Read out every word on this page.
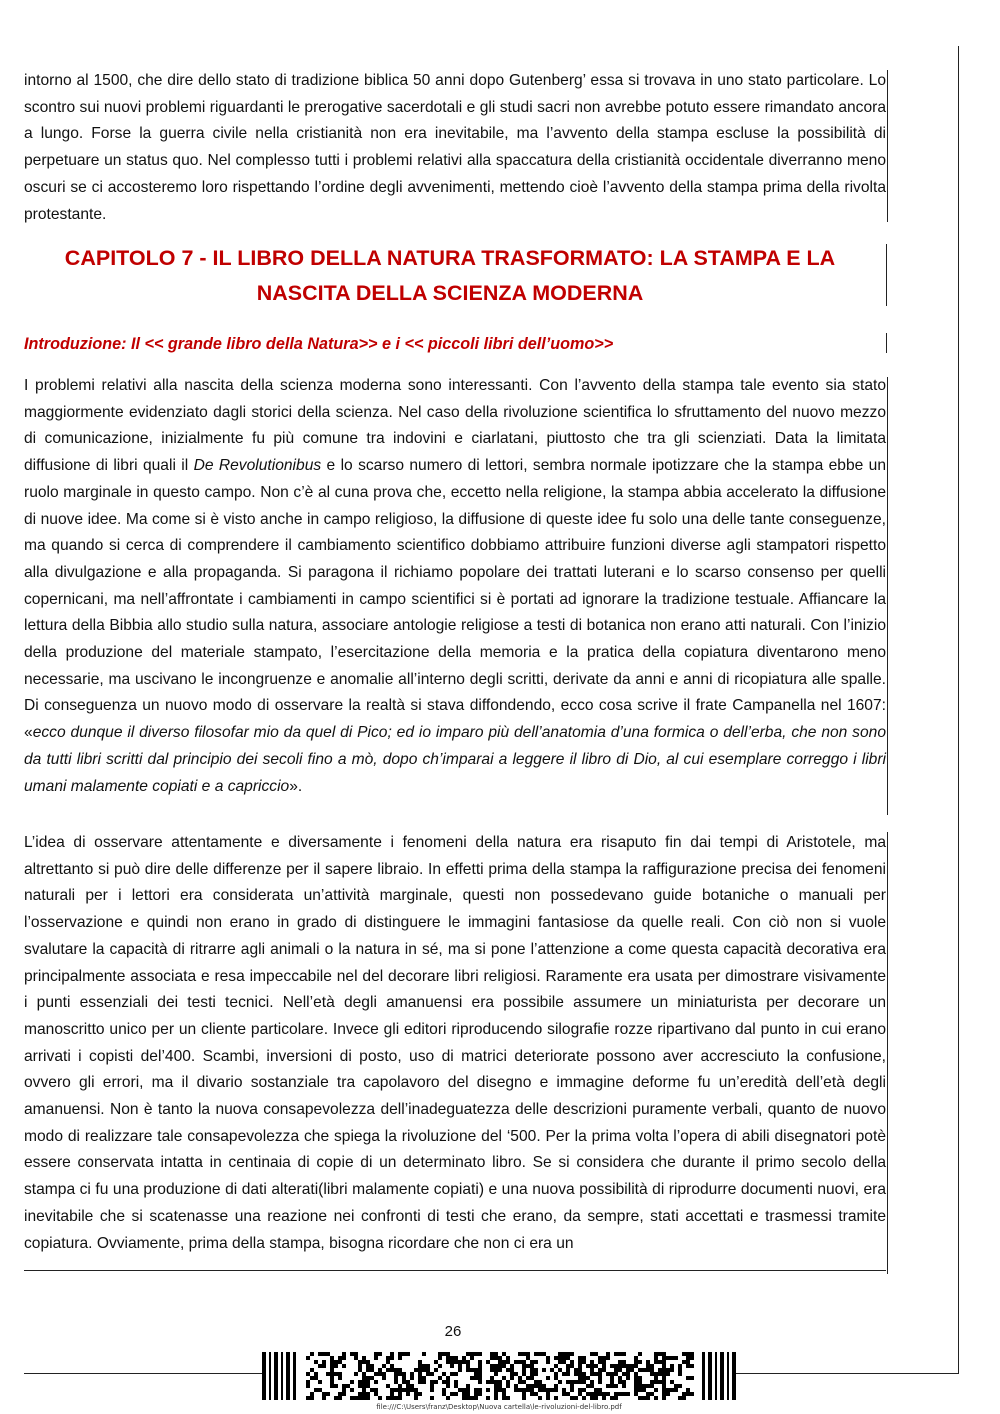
intorno al 1500, che dire dello stato di tradizione biblica 50 anni dopo Gutenberg’ essa si trovava in uno stato particolare. Lo scontro sui nuovi problemi riguardanti le prerogative sacerdotali e gli studi sacri non avrebbe potuto essere rimandato ancora a lungo. Forse la guerra civile nella cristianità non era inevitabile, ma l’avvento della stampa escluse la possibilità di perpetuare un status quo. Nel complesso tutti i problemi relativi alla spaccatura della cristianità occidentale diverranno meno oscuri se ci accosteremo loro rispettando l’ordine degli avvenimenti, mettendo cioè l’avvento della stampa prima della rivolta protestante.

CAPITOLO 7 - IL LIBRO DELLA NATURA TRASFORMATO: LA STAMPA E LA NASCITA DELLA SCIENZA MODERNA
Introduzione: Il << grande libro della Natura>> e i << piccoli libri dell’uomo>>

I problemi relativi alla nascita della scienza moderna sono interessanti. Con l’avvento della stampa tale evento sia stato maggiormente evidenziato dagli storici della scienza. Nel caso della rivoluzione scientifica lo sfruttamento del nuovo mezzo di comunicazione, inizialmente fu più comune tra indovini e ciarlatani, piuttosto che tra gli scienziati. Data la limitata diffusione di libri quali il De Revolutionibus e lo scarso numero di lettori, sembra normale ipotizzare che la stampa ebbe un ruolo marginale in questo campo. Non c’è al cuna prova che, eccetto nella religione, la stampa abbia accelerato la diffusione di nuove idee. Ma come si è visto anche in campo religioso, la diffusione di queste idee fu solo una delle tante conseguenze, ma quando si cerca di comprendere il cambiamento scientifico dobbiamo attribuire funzioni diverse agli stampatori rispetto alla divulgazione e alla propaganda. Si paragona il richiamo popolare dei trattati luterani e lo scarso consenso per quelli copernicani, ma nell’affrontate i cambiamenti in campo scientifici si è portati ad ignorare la tradizione testuale. Affiancare la lettura della Bibbia allo studio sulla natura, associare antologie religiose a testi di botanica non erano atti naturali. Con l’inizio della produzione del materiale stampato, l’esercitazione della memoria e la pratica della copiatura diventarono meno necessarie, ma uscivano le incongruenze e anomalie all’interno degli scritti, derivate da anni e anni di ricopiatura alle spalle. Di conseguenza un nuovo modo di osservare la realtà si stava diffondendo, ecco cosa scrive il frate Campanella nel 1607: «ecco dunque il diverso filosofar mio da quel di Pico; ed io imparo più dell’anatomia d’una formica o dell’erba, che non sono da tutti libri scritti dal principio dei secoli fino a mò, dopo ch’imparai a leggere il libro di Dio, al cui esemplare correggo i libri umani malamente copiati e a capriccio».

L’idea di osservare attentamente e diversamente i fenomeni della natura era risaputo fin dai tempi di Aristotele, ma altrettanto si può dire delle differenze per il sapere libraio. In effetti prima della stampa la raffigurazione precisa dei fenomeni naturali per i lettori era considerata un’attività marginale, questi non possedevano guide botaniche o manuali per l’osservazione e quindi non erano in grado di distinguere le immagini fantasiose da quelle reali. Con ciò non si vuole svalutare la capacità di ritrarre agli animali o la natura in sé, ma si pone l’attenzione a come questa capacità decorativa era principalmente associata e resa impeccabile nel del decorare libri religiosi. Raramente era usata per dimostrare visivamente i punti essenziali dei testi tecnici. Nell’età degli amanuensi era possibile assumere un miniaturista per decorare un manoscritto unico per un cliente particolare. Invece gli editori riproducendo silografie rozze ripartivano dal punto in cui erano arrivati i copisti del’400. Scambi, inversioni di posto, uso di matrici deteriorate possono aver accresciuto la confusione, ovvero gli errori, ma il divario sostanziale tra capolavoro del disegno e immagine deforme fu un’eredità dell’età degli amanuensi. Non è tanto la nuova consapevolezza dell’inadeguatezza delle descrizioni puramente verbali, quanto de nuovo modo di realizzare tale consapevolezza che spiega la rivoluzione del ‘500. Per la prima volta l’opera di abili disegnatori potè essere conservata intatta in centinaia di copie di un determinato libro. Se si considera che durante il primo secolo della stampa ci fu una produzione di dati alterati(libri malamente copiati) e una nuova possibilità di riprodurre documenti nuovi, era inevitabile che si scatenasse una reazione nei confronti di testi che erano, da sempre, stati accettati e trasmessi tramite copiatura. Ovviamente, prima della stampa, bisogna ricordare che non ci era un

26
file:///C:\Users\franz\Desktop\Nuova cartella\le-rivoluzioni-del-libro.pdf
